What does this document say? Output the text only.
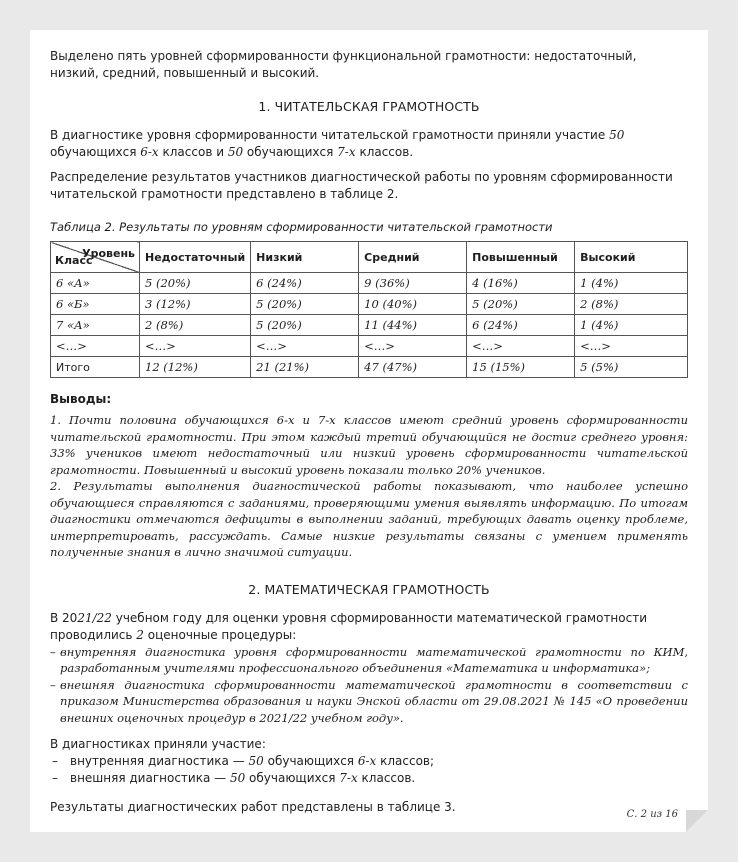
Выделено пять уровней сформированности функциональной грамотности: недостаточный, низкий, средний, повышенный и высокий.

1. ЧИТАТЕЛЬСКАЯ ГРАМОТНОСТЬ

В диагностике уровня сформированности читательской грамотности приняли участие 50 обучающихся 6-х классов и 50 обучающихся 7-х классов.

Распределение результатов участников диагностической работы по уровням сформированности читательской грамотности представлено в таблице 2.

Таблица 2. Результаты по уровням сформированности читательской грамотности
Уровень
Класс	Недостаточный	Низкий	Средний	Повышенный	Высокий
6 «А»	5 (20%)	6 (24%)	9 (36%)	4 (16%)	1 (4%)
6 «Б»	3 (12%)	5 (20%)	10 (40%)	5 (20%)	2 (8%)
7 «А»	2 (8%)	5 (20%)	11 (44%)	6 (24%)	1 (4%)
<…>	<…>	<…>	<…>	<…>	<…>
Итого	12 (12%)	21 (21%)	47 (47%)	15 (15%)	5 (5%)
Выводы:

1. Почти половина обучающихся 6-х и 7-х классов имеют средний уровень сформированности читательской грамотности. При этом каждый третий обучающийся не достиг среднего уровня: 33% учеников имеют недостаточный или низкий уровень сформированности читательской грамотности. Повышенный и высокий уровень показали только 20% учеников.

2. Результаты выполнения диагностической работы показывают, что наиболее успешно обучающиеся справляются с заданиями, проверяющими умения выявлять информацию. По итогам диагностики отмечаются дефициты в выполнении заданий, требующих давать оценку проблеме, интерпретировать, рассуждать. Самые низкие результаты связаны с умением применять полученные знания в лично значимой ситуации.

2. МАТЕМАТИЧЕСКАЯ ГРАМОТНОСТЬ

В 2021/22 учебном году для оценки уровня сформированности математической грамотности проводились 2 оценочные процедуры:

– внутренняя диагностика уровня сформированности математической грамотности по КИМ, разработанным учителями профессионального объединения «Математика и информатика»;
– внешняя диагностика сформированности математической грамотности в соответствии с приказом Министерства образования и науки Энской области от 29.08.2021 № 145 «О проведении внешних оценочных процедур в 2021/22 учебном году».

В диагностиках приняли участие:

– внутренняя диагностика — 50 обучающихся 6-х классов;
– внешняя диагностика — 50 обучающихся 7-х классов.

Результаты диагностических работ представлены в таблице 3.

С. 2 из 16
